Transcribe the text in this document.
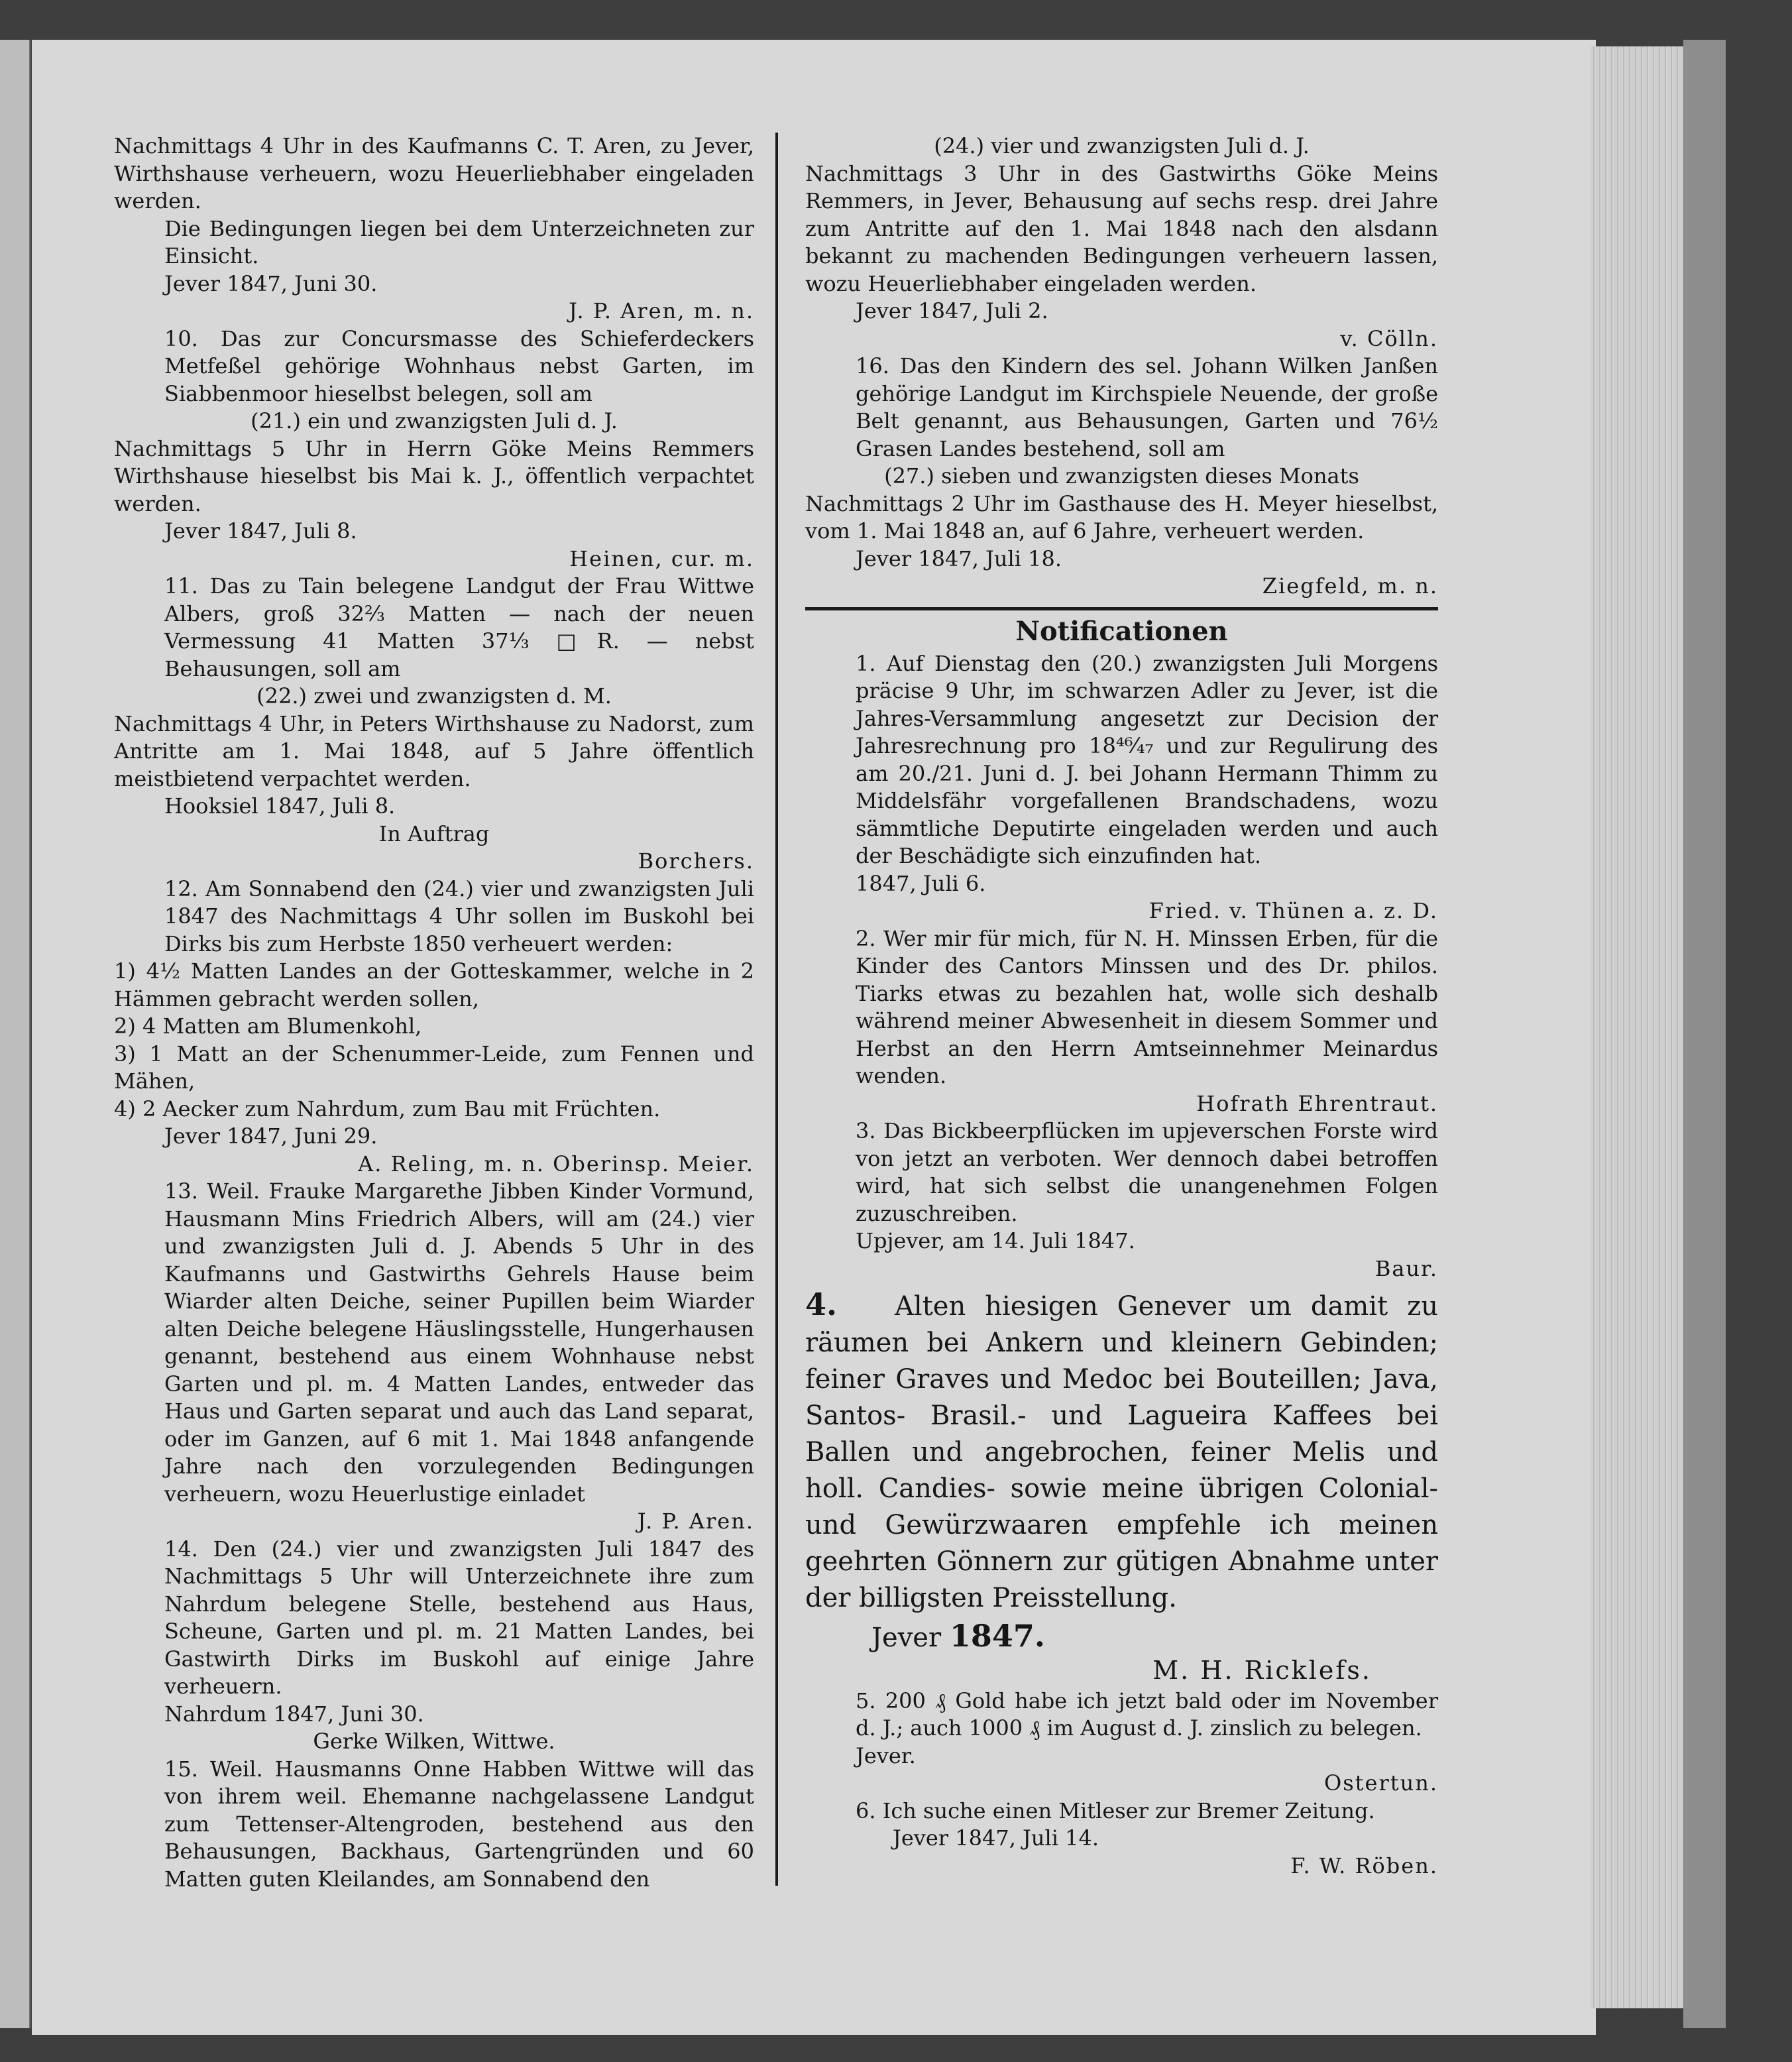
Nachmittags 4 Uhr in des Kaufmanns C. T. Aren, zu Jever, Wirthshause verheuern, wozu Heuerliebhaber eingeladen werden.

Die Bedingungen liegen bei dem Unterzeichneten zur Einsicht.

Jever 1847, Juni 30.

J. P. Aren, m. n.

10. Das zur Concursmasse des Schieferdeckers Metfeßel gehörige Wohnhaus nebst Garten, im Siabbenmoor hieselbst belegen, soll am

(21.) ein und zwanzigsten Juli d. J.

Nachmittags 5 Uhr in Herrn Göke Meins Remmers Wirthshause hieselbst bis Mai k. J., öffentlich verpachtet werden.

Jever 1847, Juli 8.

Heinen, cur. m.

11. Das zu Tain belegene Landgut der Frau Wittwe Albers, groß 32⅔ Matten — nach der neuen Vermessung 41 Matten 37⅓ □R. — nebst Behausungen, soll am

(22.) zwei und zwanzigsten d. M.

Nachmittags 4 Uhr, in Peters Wirthshause zu Nadorst, zum Antritte am 1. Mai 1848, auf 5 Jahre öffentlich meistbietend verpachtet werden.

Hooksiel 1847, Juli 8.

In Auftrag

Borchers.

12. Am Sonnabend den (24.) vier und zwanzigsten Juli 1847 des Nachmittags 4 Uhr sollen im Buskohl bei Dirks bis zum Herbste 1850 verheuert werden:

1) 4½ Matten Landes an der Gotteskammer, welche in 2 Hämmen gebracht werden sollen,

2) 4 Matten am Blumenkohl,

3) 1 Matt an der Schenummer-Leide, zum Fennen und Mähen,

4) 2 Aecker zum Nahrdum, zum Bau mit Früchten.

Jever 1847, Juni 29.

A. Reling, m. n. Oberinsp. Meier.

13. Weil. Frauke Margarethe Jibben Kinder Vormund, Hausmann Mins Friedrich Albers, will am (24.) vier und zwanzigsten Juli d. J. Abends 5 Uhr in des Kaufmanns und Gastwirths Gehrels Hause beim Wiarder alten Deiche, seiner Pupillen beim Wiarder alten Deiche belegene Häuslingsstelle, Hungerhausen genannt, bestehend aus einem Wohnhause nebst Garten und pl. m. 4 Matten Landes, entweder das Haus und Garten separat und auch das Land separat, oder im Ganzen, auf 6 mit 1. Mai 1848 anfangende Jahre nach den vorzulegenden Bedingungen verheuern, wozu Heuerlustige einladet

J. P. Aren.

14. Den (24.) vier und zwanzigsten Juli 1847 des Nachmittags 5 Uhr will Unterzeichnete ihre zum Nahrdum belegene Stelle, bestehend aus Haus, Scheune, Garten und pl. m. 21 Matten Landes, bei Gastwirth Dirks im Buskohl auf einige Jahre verheuern.

Nahrdum 1847, Juni 30.

Gerke Wilken, Wittwe.

15. Weil. Hausmanns Onne Habben Wittwe will das von ihrem weil. Ehemanne nachgelassene Landgut zum Tettenser-Altengroden, bestehend aus den Behausungen, Backhaus, Gartengründen und 60 Matten guten Kleilandes, am Sonnabend den

(24.) vier und zwanzigsten Juli d. J.

Nachmittags 3 Uhr in des Gastwirths Göke Meins Remmers, in Jever, Behausung auf sechs resp. drei Jahre zum Antritte auf den 1. Mai 1848 nach den alsdann bekannt zu machenden Bedingungen verheuern lassen, wozu Heuerliebhaber eingeladen werden.

Jever 1847, Juli 2.

v. Cölln.

16. Das den Kindern des sel. Johann Wilken Janßen gehörige Landgut im Kirchspiele Neuende, der große Belt genannt, aus Behausungen, Garten und 76½ Grasen Landes bestehend, soll am

(27.) sieben und zwanzigsten dieses Monats

Nachmittags 2 Uhr im Gasthause des H. Meyer hieselbst, vom 1. Mai 1848 an, auf 6 Jahre, verheuert werden.

Jever 1847, Juli 18.

Ziegfeld, m. n.

Notificationen

1. Auf Dienstag den (20.) zwanzigsten Juli Morgens präcise 9 Uhr, im schwarzen Adler zu Jever, ist die Jahres-Versammlung angesetzt zur Decision der Jahresrechnung pro 18⁴⁶⁄₄₇ und zur Regulirung des am 20./21. Juni d. J. bei Johann Hermann Thimm zu Middelsfähr vorgefallenen Brandschadens, wozu sämmtliche Deputirte eingeladen werden und auch der Beschädigte sich einzufinden hat.

1847, Juli 6.

Fried. v. Thünen a. z. D.

2. Wer mir für mich, für N. H. Minssen Erben, für die Kinder des Cantors Minssen und des Dr. philos. Tiarks etwas zu bezahlen hat, wolle sich deshalb während meiner Abwesenheit in diesem Sommer und Herbst an den Herrn Amtseinnehmer Meinardus wenden.

Hofrath Ehrentraut.

3. Das Bickbeerpflücken im upjeverschen Forste wird von jetzt an verboten. Wer dennoch dabei betroffen wird, hat sich selbst die unangenehmen Folgen zuzuschreiben.

Upjever, am 14. Juli 1847.

Baur.

4. Alten hiesigen Genever um damit zu räumen bei Ankern und kleinern Gebinden; feiner Graves und Medoc bei Bouteillen; Java, Santos- Brasil.- und Lagueira Kaffees bei Ballen und angebrochen, feiner Melis und holl. Candies- sowie meine übrigen Colonial- und Gewürzwaaren empfehle ich meinen geehrten Gönnern zur gütigen Abnahme unter der billigsten Preisstellung.

Jever 1847.

M. H. Ricklefs.

5. 200 ₰ Gold habe ich jetzt bald oder im November d. J.; auch 1000 ₰ im August d. J. zinslich zu belegen.

Jever.

Ostertun.

6. Ich suche einen Mitleser zur Bremer Zeitung.

Jever 1847, Juli 14.

F. W. Röben.
